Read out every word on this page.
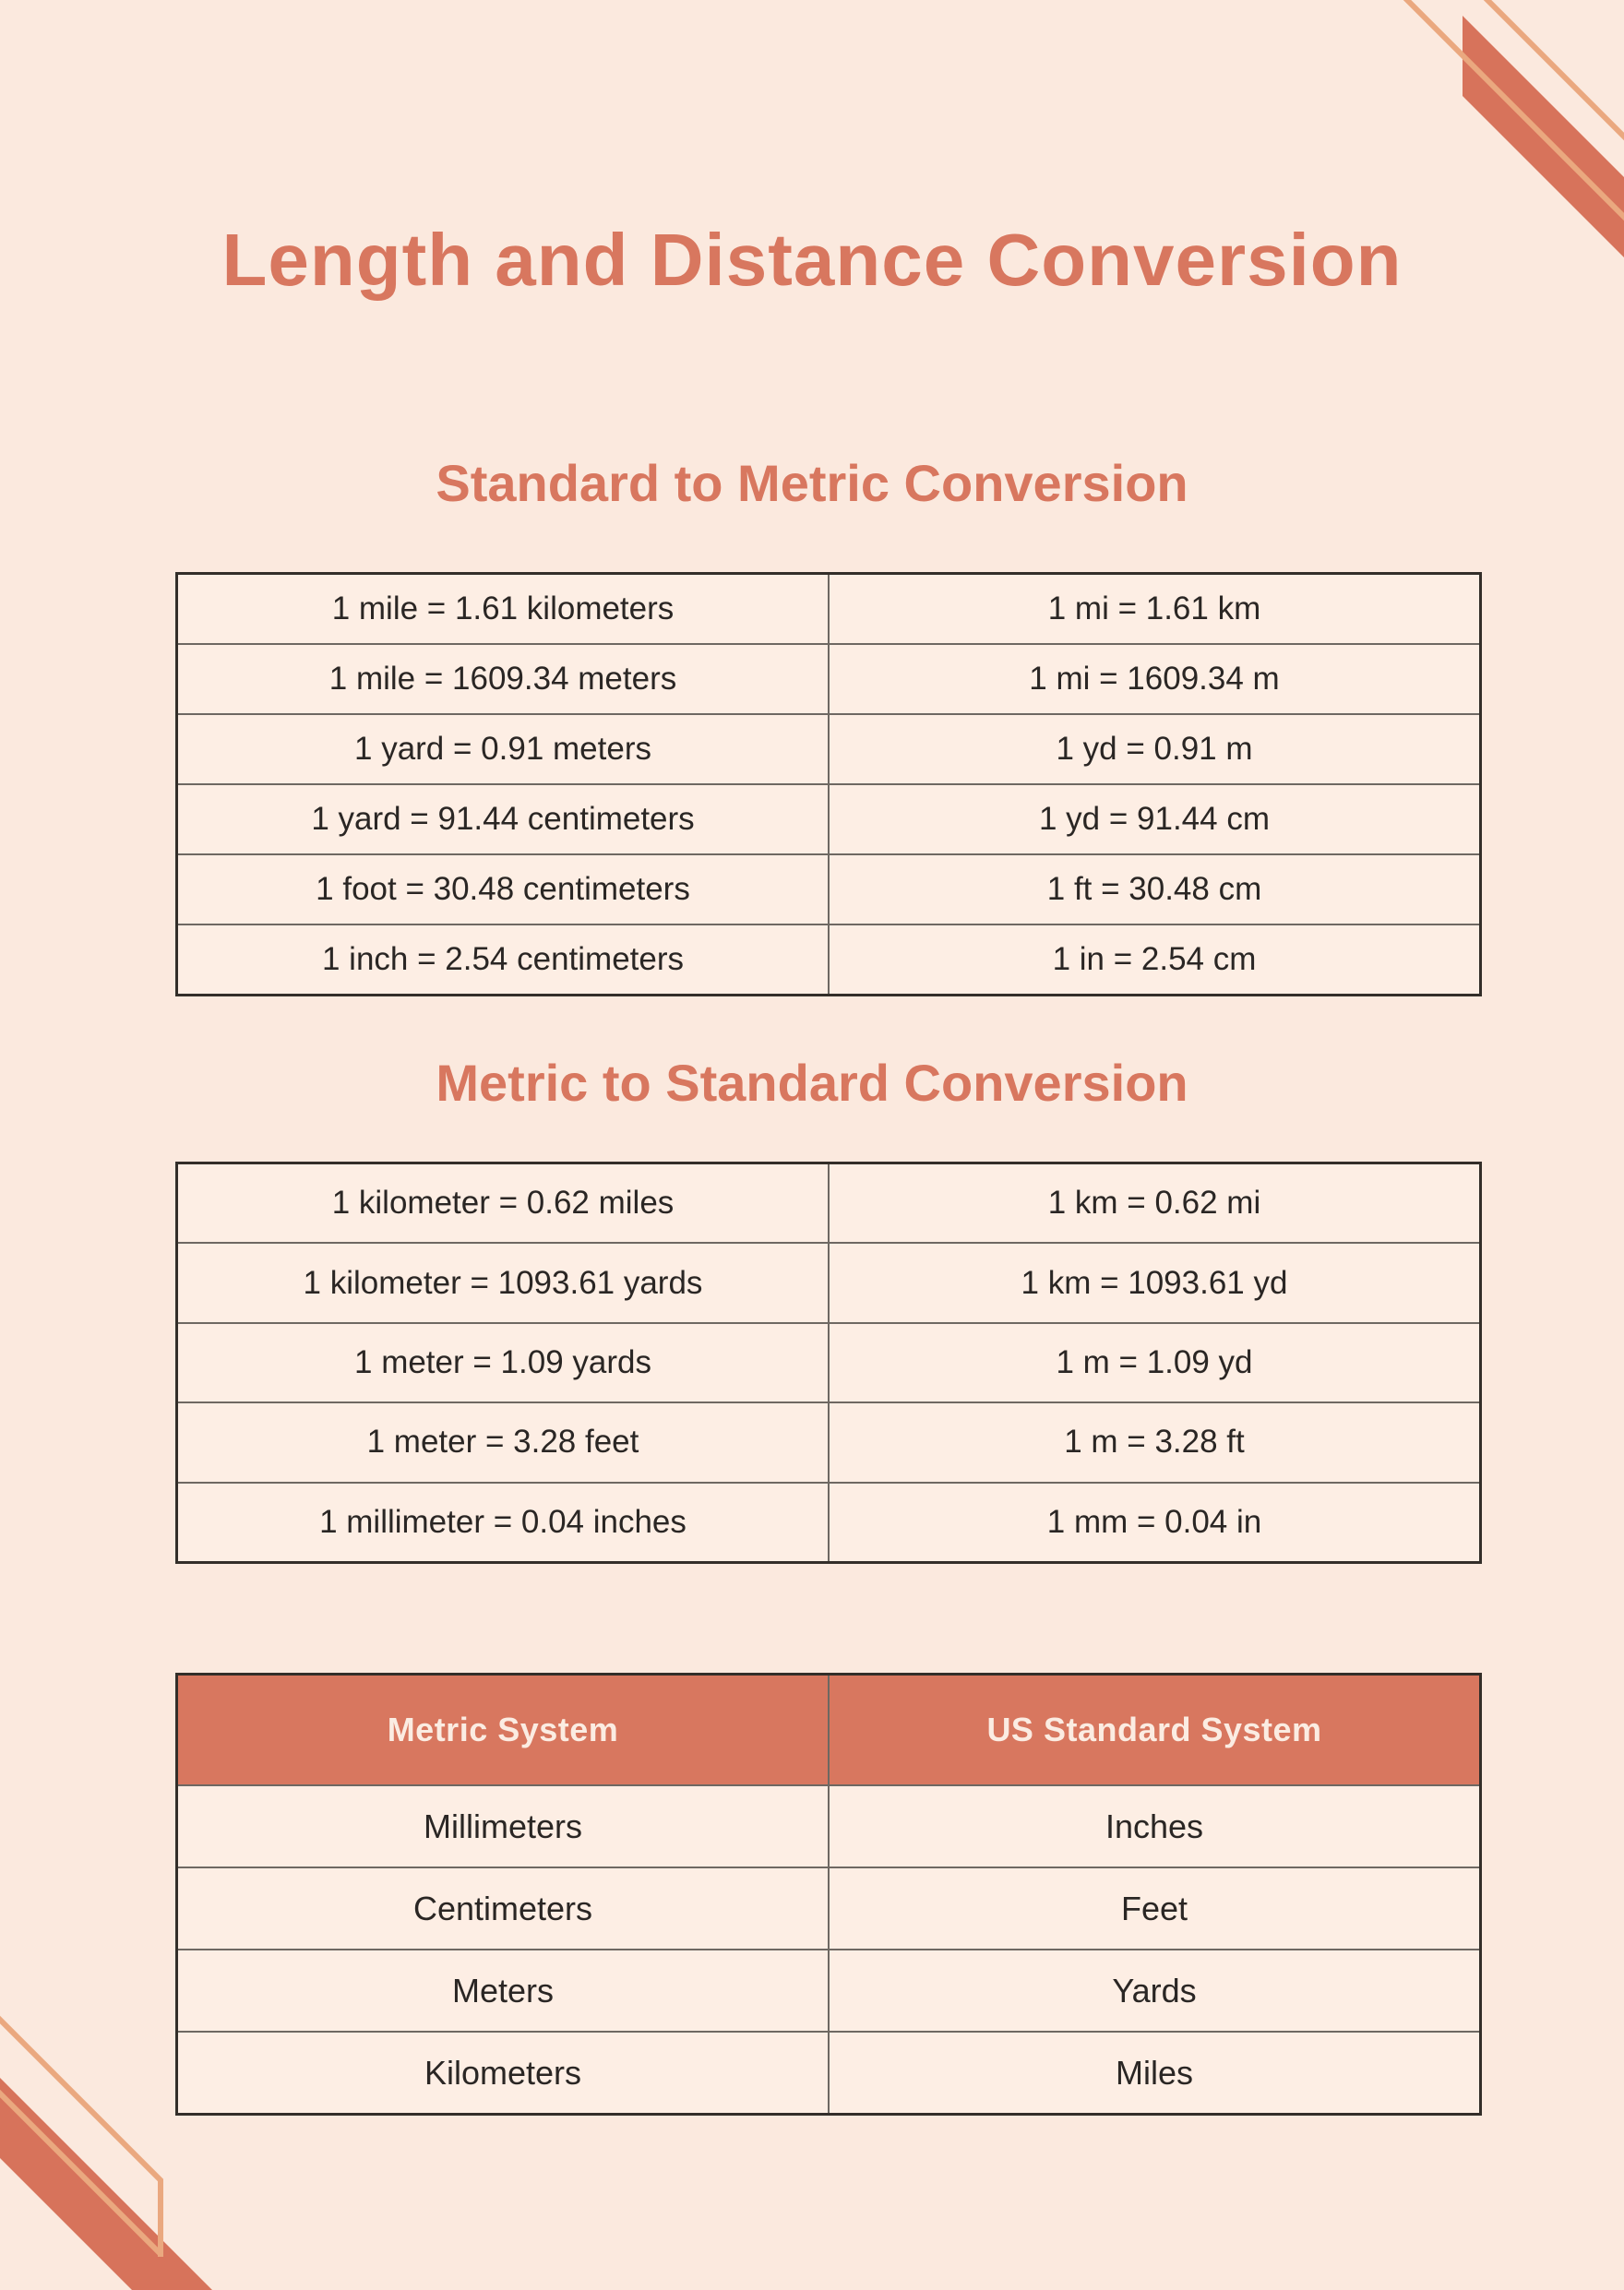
Length and Distance Conversion
Standard to Metric Conversion
1 mile = 1.61 kilometers	1 mi = 1.61 km
1 mile = 1609.34 meters	1 mi = 1609.34 m
1 yard = 0.91 meters	1 yd = 0.91 m
1 yard = 91.44 centimeters	1 yd = 91.44 cm
1 foot = 30.48 centimeters	1 ft = 30.48 cm
1 inch = 2.54 centimeters	1 in = 2.54 cm
Metric to Standard Conversion
1 kilometer = 0.62 miles	1 km = 0.62 mi
1 kilometer = 1093.61 yards	1 km = 1093.61 yd
1 meter = 1.09 yards	1 m = 1.09 yd
1 meter = 3.28 feet	1 m = 3.28 ft
1 millimeter = 0.04 inches	1 mm = 0.04 in
Metric System	US Standard System
Millimeters	Inches
Centimeters	Feet
Meters	Yards
Kilometers	Miles
